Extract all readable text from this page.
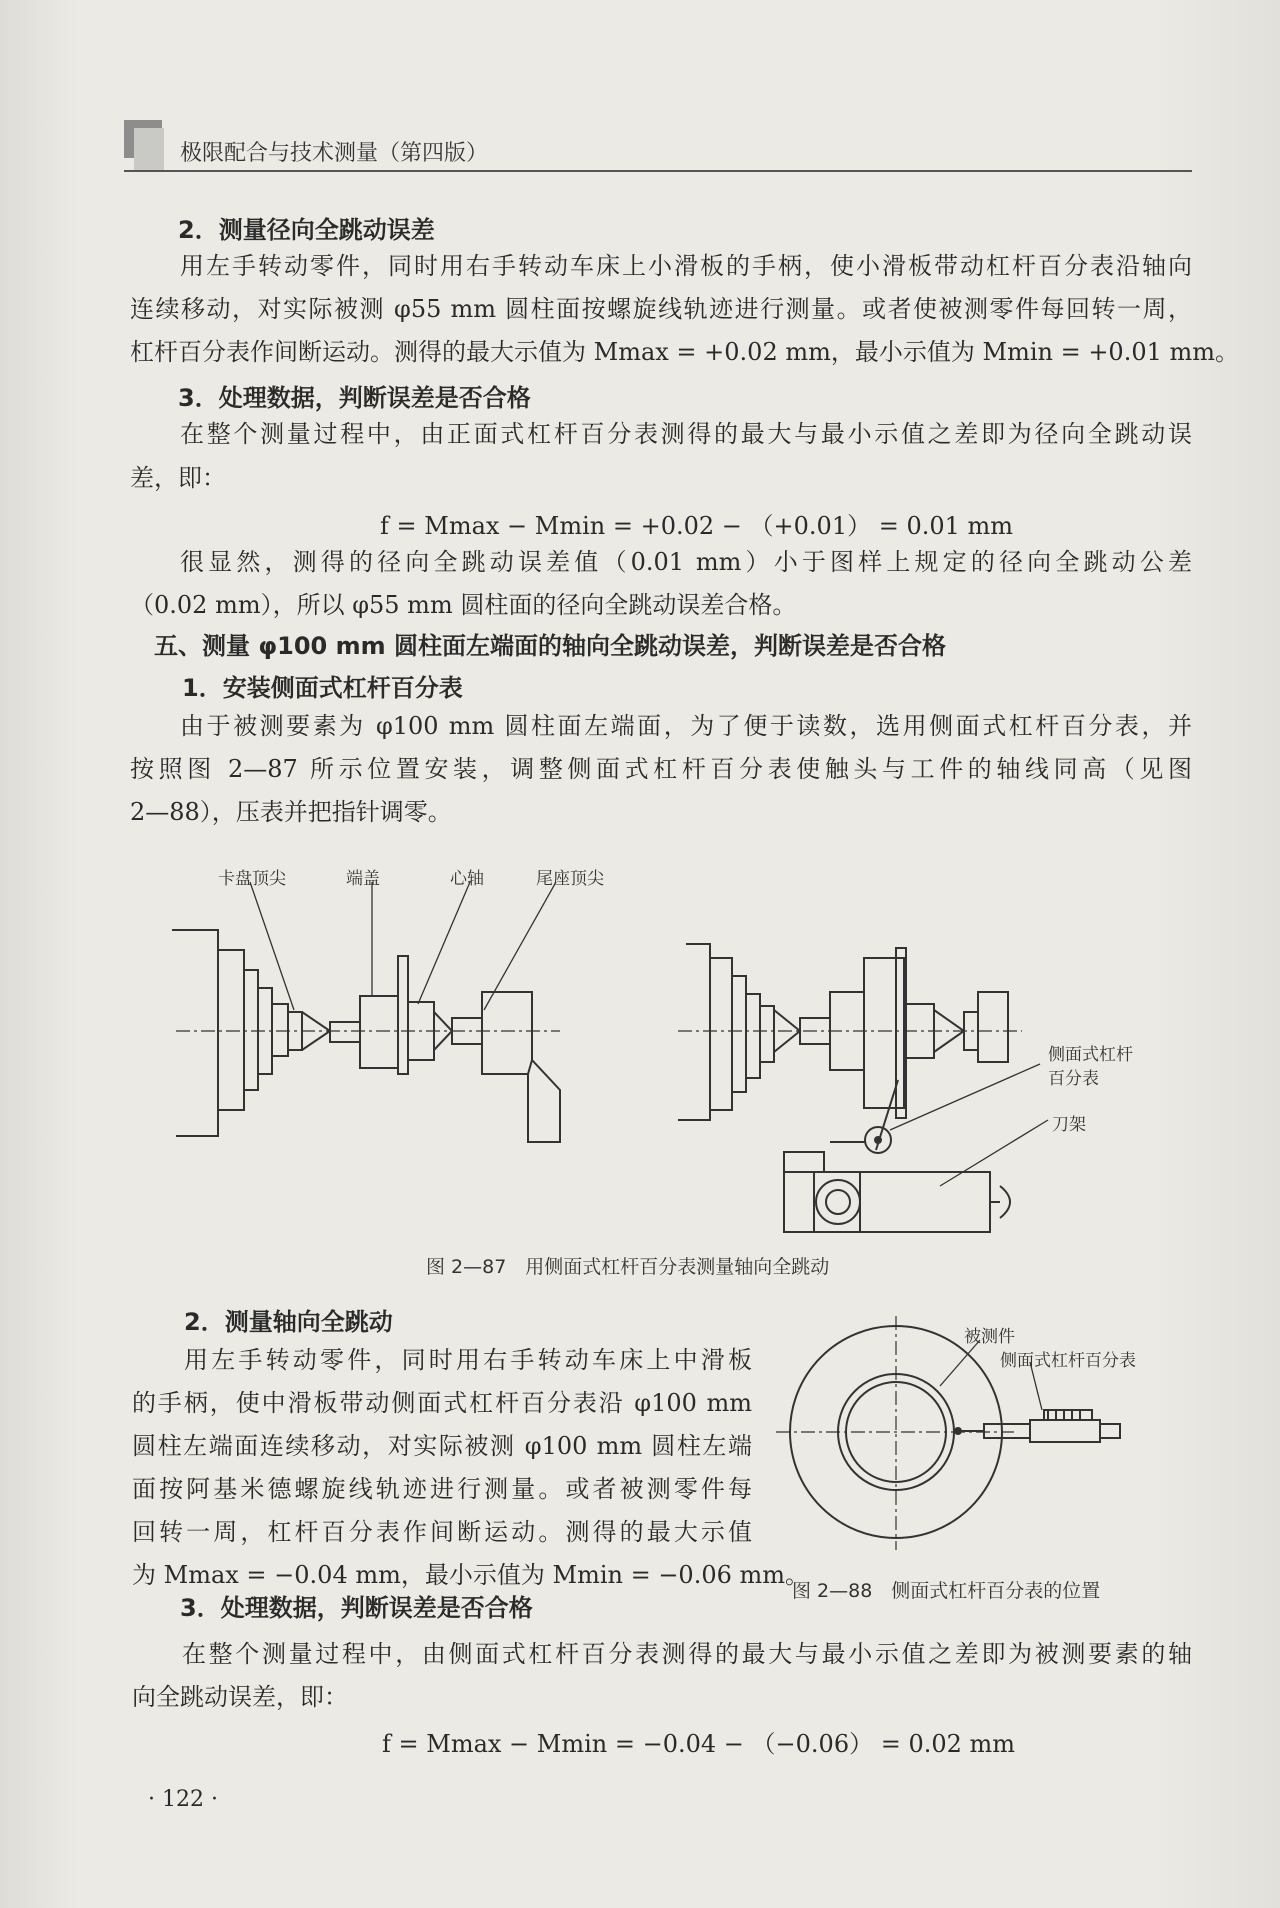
极限配合与技术测量（第四版）
2．测量径向全跳动误差
用左手转动零件，同时用右手转动车床上小滑板的手柄，使小滑板带动杠杆百分表沿轴向
连续移动，对实际被测 φ55 mm 圆柱面按螺旋线轨迹进行测量。或者使被测零件每回转一周，
杠杆百分表作间断运动。测得的最大示值为 Mmax = +0.02 mm，最小示值为 Mmin = +0.01 mm。
3．处理数据，判断误差是否合格
在整个测量过程中，由正面式杠杆百分表测得的最大与最小示值之差即为径向全跳动误
差，即：
f = Mmax − Mmin = +0.02 − （+0.01） = 0.01 mm
很显然，测得的径向全跳动误差值（0.01 mm）小于图样上规定的径向全跳动公差
（0.02 mm），所以 φ55 mm 圆柱面的径向全跳动误差合格。
五、测量 φ100 mm 圆柱面左端面的轴向全跳动误差，判断误差是否合格
1．安装侧面式杠杆百分表
由于被测要素为 φ100 mm 圆柱面左端面，为了便于读数，选用侧面式杠杆百分表，并
按照图 2—87 所示位置安装，调整侧面式杠杆百分表使触头与工件的轴线同高（见图
2—88），压表并把指针调零。
卡盘顶尖	端盖	心轴	尾座顶尖
侧面式杠杆
百分表
刀架
图 2—87　用侧面式杠杆百分表测量轴向全跳动
2．测量轴向全跳动
用左手转动零件，同时用右手转动车床上中滑板
的手柄，使中滑板带动侧面式杠杆百分表沿 φ100 mm
圆柱左端面连续移动，对实际被测 φ100 mm 圆柱左端
面按阿基米德螺旋线轨迹进行测量。或者被测零件每
回转一周，杠杆百分表作间断运动。测得的最大示值
为 Mmax = −0.04 mm，最小示值为 Mmin = −0.06 mm。
被测件
侧面式杠杆百分表
图 2—88　侧面式杠杆百分表的位置
3．处理数据，判断误差是否合格
在整个测量过程中，由侧面式杠杆百分表测得的最大与最小示值之差即为被测要素的轴
向全跳动误差，即：
f = Mmax − Mmin = −0.04 − （−0.06） = 0.02 mm
· 122 ·
